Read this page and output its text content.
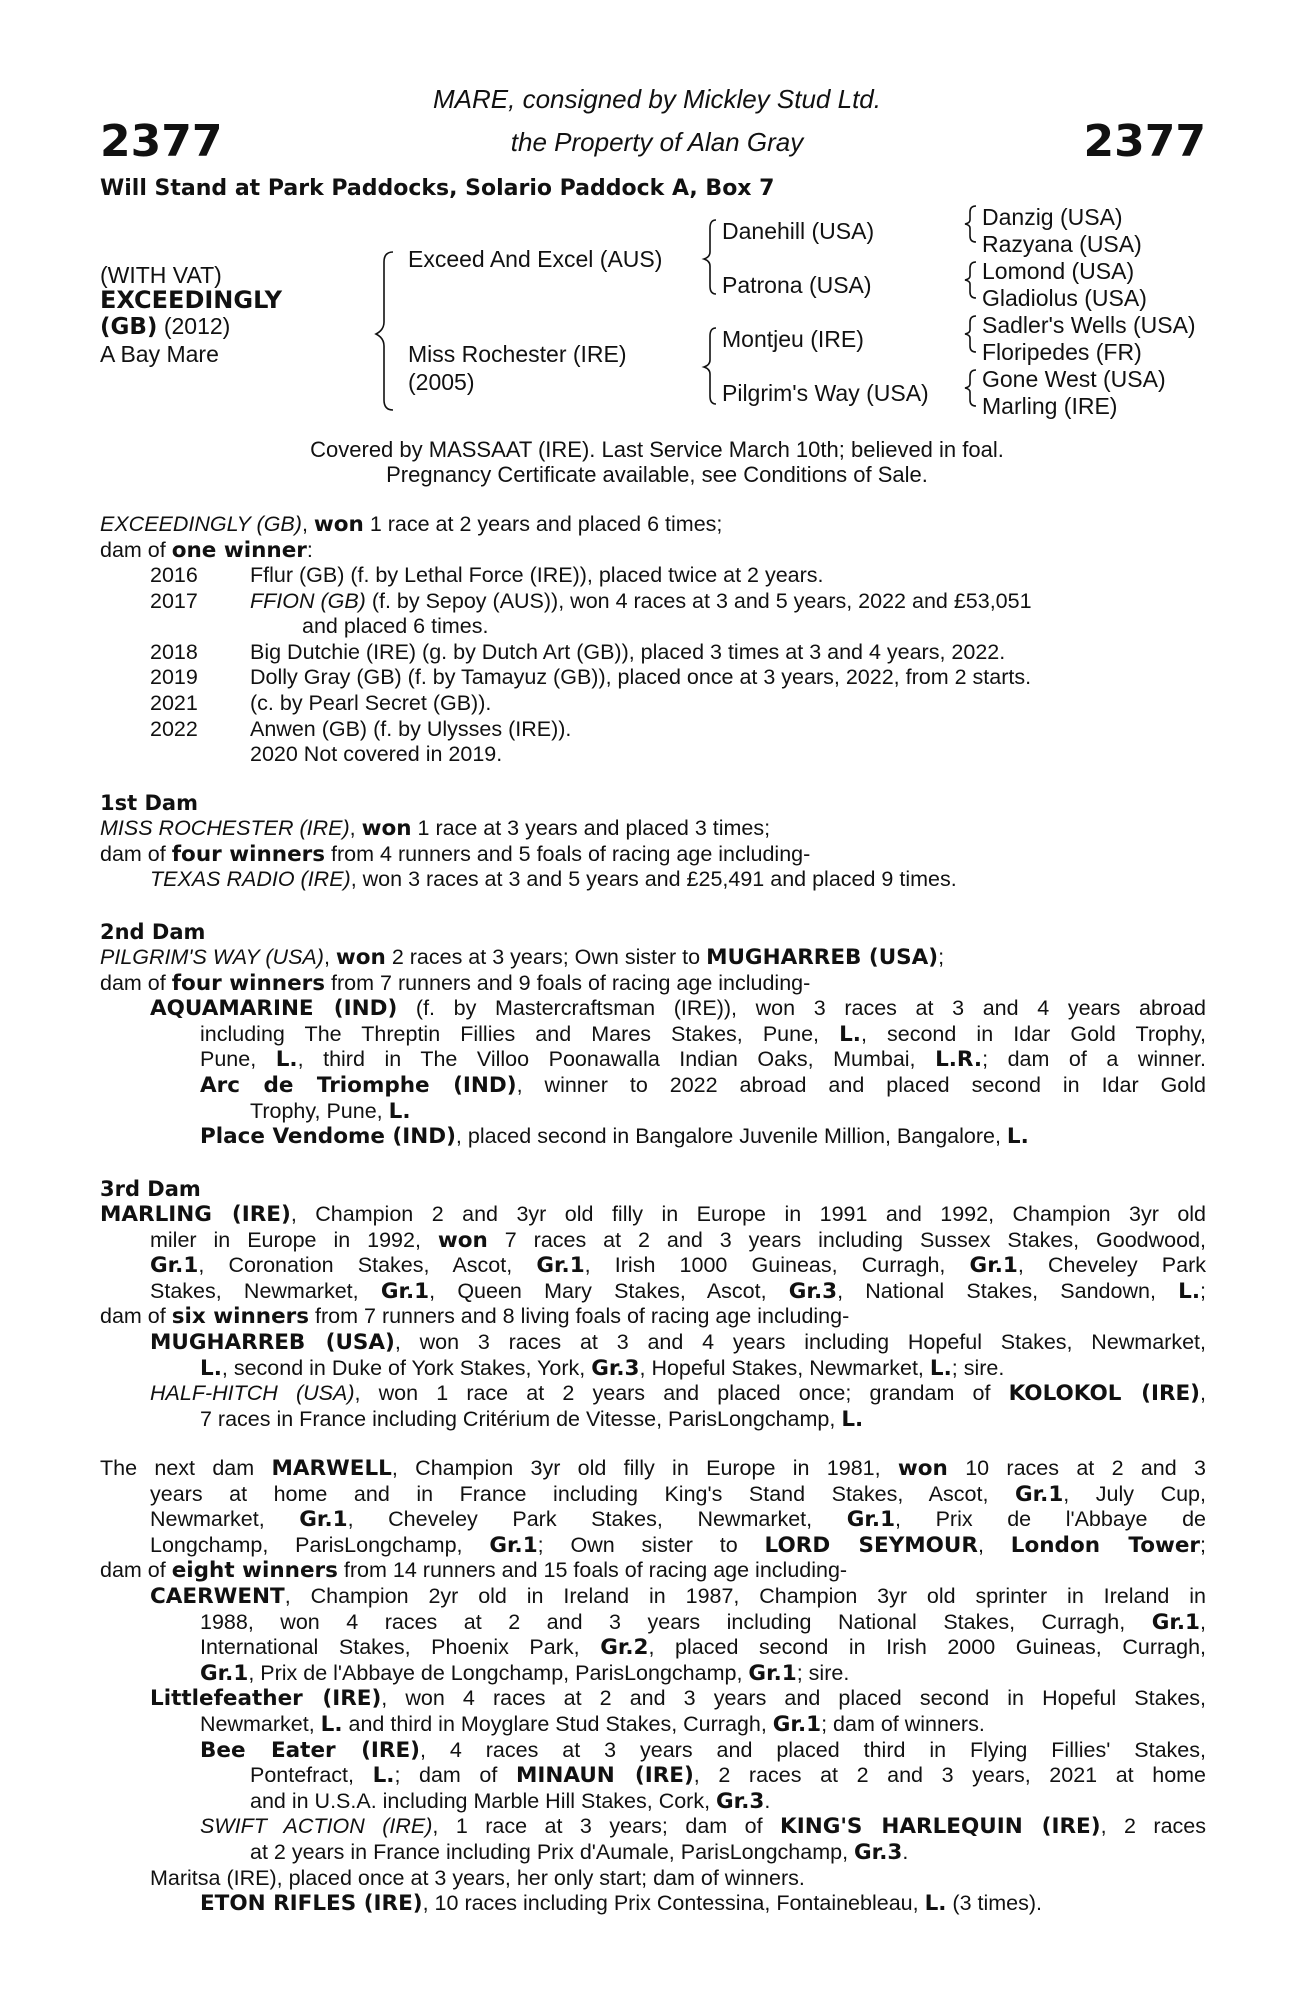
2377	2377
MARE, consigned by Mickley Stud Ltd.
the Property of Alan Gray
Will Stand at Park Paddocks, Solario Paddock A, Box 7
(WITH VAT)
EXCEEDINGLY
(GB) (2012)
A Bay Mare
Exceed And Excel (AUS)
Miss Rochester (IRE)
(2005)
Danehill (USA)
Patrona (USA)
Montjeu (IRE)
Pilgrim's Way (USA)
Danzig (USA)
Razyana (USA)
Lomond (USA)
Gladiolus (USA)
Sadler's Wells (USA)
Floripedes (FR)
Gone West (USA)
Marling (IRE)
Covered by MASSAAT (IRE). Last Service March 10th; believed in foal.
Pregnancy Certificate available, see Conditions of Sale.
EXCEEDINGLY (GB), won 1 race at 2 years and placed 6 times;
dam of one winner:
2016 Fflur (GB) (f. by Lethal Force (IRE)), placed twice at 2 years.
2017 FFION (GB) (f. by Sepoy (AUS)), won 4 races at 3 and 5 years, 2022 and £53,051
and placed 6 times.
2018 Big Dutchie (IRE) (g. by Dutch Art (GB)), placed 3 times at 3 and 4 years, 2022.
2019 Dolly Gray (GB) (f. by Tamayuz (GB)), placed once at 3 years, 2022, from 2 starts.
2021 (c. by Pearl Secret (GB)).
2022 Anwen (GB) (f. by Ulysses (IRE)).
2020 Not covered in 2019.
1st Dam
MISS ROCHESTER (IRE), won 1 race at 3 years and placed 3 times;
dam of four winners from 4 runners and 5 foals of racing age including-
TEXAS RADIO (IRE), won 3 races at 3 and 5 years and £25,491 and placed 9 times.
2nd Dam
PILGRIM'S WAY (USA), won 2 races at 3 years; Own sister to MUGHARREB (USA);
dam of four winners from 7 runners and 9 foals of racing age including-
AQUAMARINE (IND) (f. by Mastercraftsman (IRE)), won 3 races at 3 and 4 years abroad
including The Threptin Fillies and Mares Stakes, Pune, L., second in Idar Gold Trophy,
Pune, L., third in The Villoo Poonawalla Indian Oaks, Mumbai, L.R.; dam of a winner.
Arc de Triomphe (IND), winner to 2022 abroad and placed second in Idar Gold
Trophy, Pune, L.
Place Vendome (IND), placed second in Bangalore Juvenile Million, Bangalore, L.
3rd Dam
MARLING (IRE), Champion 2 and 3yr old filly in Europe in 1991 and 1992, Champion 3yr old
miler in Europe in 1992, won 7 races at 2 and 3 years including Sussex Stakes, Goodwood,
Gr.1, Coronation Stakes, Ascot, Gr.1, Irish 1000 Guineas, Curragh, Gr.1, Cheveley Park
Stakes, Newmarket, Gr.1, Queen Mary Stakes, Ascot, Gr.3, National Stakes, Sandown, L.;
dam of six winners from 7 runners and 8 living foals of racing age including-
MUGHARREB (USA), won 3 races at 3 and 4 years including Hopeful Stakes, Newmarket,
L., second in Duke of York Stakes, York, Gr.3, Hopeful Stakes, Newmarket, L.; sire.
HALF-HITCH (USA), won 1 race at 2 years and placed once; grandam of KOLOKOL (IRE),
7 races in France including Critérium de Vitesse, ParisLongchamp, L.
The next dam MARWELL, Champion 3yr old filly in Europe in 1981, won 10 races at 2 and 3
years at home and in France including King's Stand Stakes, Ascot, Gr.1, July Cup,
Newmarket, Gr.1, Cheveley Park Stakes, Newmarket, Gr.1, Prix de l'Abbaye de
Longchamp, ParisLongchamp, Gr.1; Own sister to LORD SEYMOUR, London Tower;
dam of eight winners from 14 runners and 15 foals of racing age including-
CAERWENT, Champion 2yr old in Ireland in 1987, Champion 3yr old sprinter in Ireland in
1988, won 4 races at 2 and 3 years including National Stakes, Curragh, Gr.1,
International Stakes, Phoenix Park, Gr.2, placed second in Irish 2000 Guineas, Curragh,
Gr.1, Prix de l'Abbaye de Longchamp, ParisLongchamp, Gr.1; sire.
Littlefeather (IRE), won 4 races at 2 and 3 years and placed second in Hopeful Stakes,
Newmarket, L. and third in Moyglare Stud Stakes, Curragh, Gr.1; dam of winners.
Bee Eater (IRE), 4 races at 3 years and placed third in Flying Fillies' Stakes,
Pontefract, L.; dam of MINAUN (IRE), 2 races at 2 and 3 years, 2021 at home
and in U.S.A. including Marble Hill Stakes, Cork, Gr.3.
SWIFT ACTION (IRE), 1 race at 3 years; dam of KING'S HARLEQUIN (IRE), 2 races
at 2 years in France including Prix d'Aumale, ParisLongchamp, Gr.3.
Maritsa (IRE), placed once at 3 years, her only start; dam of winners.
ETON RIFLES (IRE), 10 races including Prix Contessina, Fontainebleau, L. (3 times).
